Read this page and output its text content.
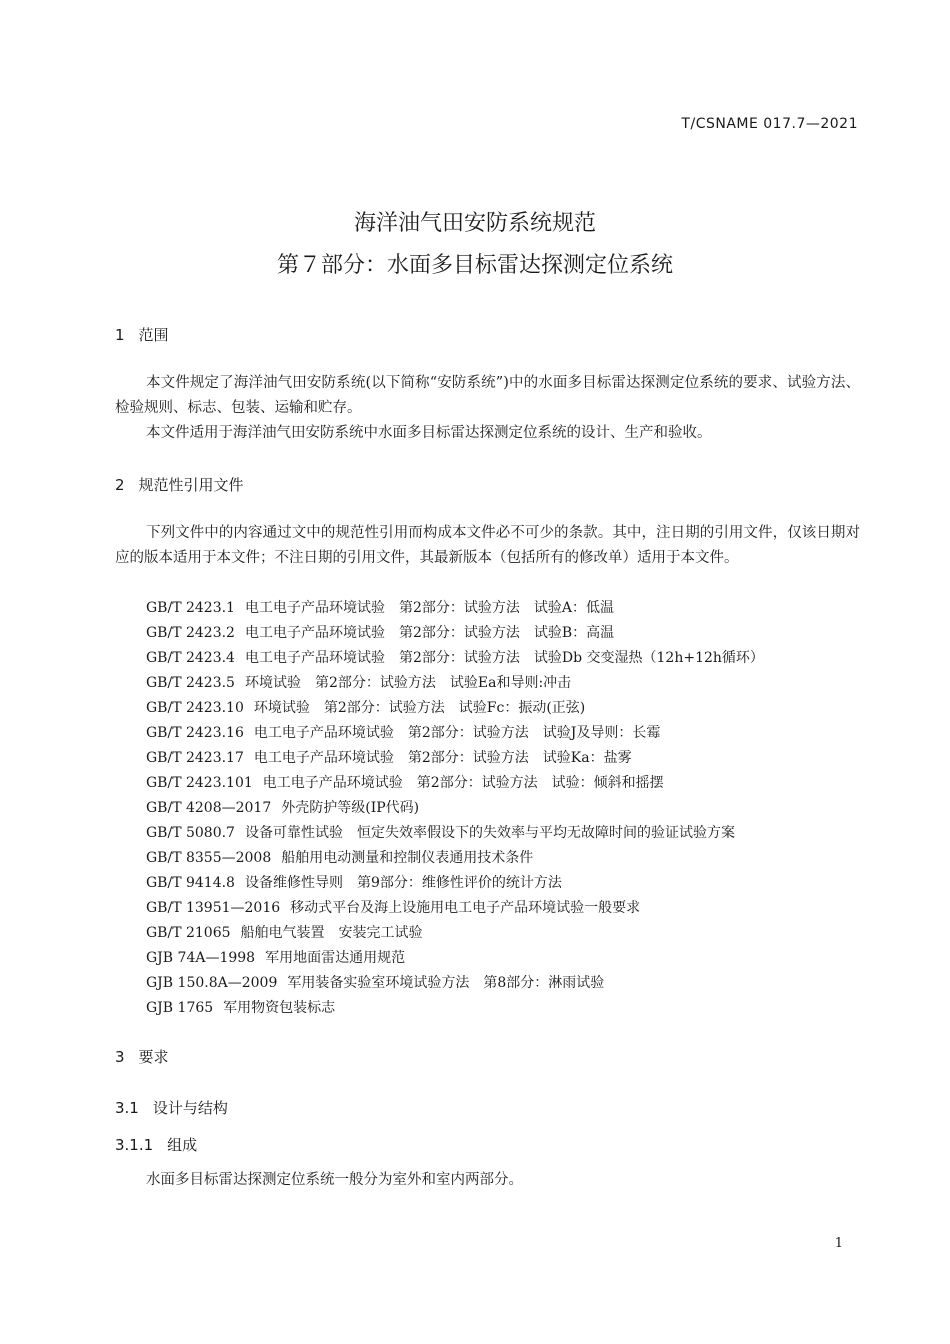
T/CSNAME 017.7—2021
海洋油气田安防系统规范
第７部分：水面多目标雷达探测定位系统
1 范围
本文件规定了海洋油气田安防系统(以下简称“安防系统”)中的水面多目标雷达探测定位系统的要求、试验方法、检验规则、标志、包装、运输和贮存。
本文件适用于海洋油气田安防系统中水面多目标雷达探测定位系统的设计、生产和验收。
2 规范性引用文件
下列文件中的内容通过文中的规范性引用而构成本文件必不可少的条款。其中，注日期的引用文件，仅该日期对应的版本适用于本文件；不注日期的引用文件，其最新版本（包括所有的修改单）适用于本文件。
GB/T 2423.1 电工电子产品环境试验　第2部分：试验方法　试验A：低温
GB/T 2423.2 电工电子产品环境试验　第2部分：试验方法　试验B：高温
GB/T 2423.4 电工电子产品环境试验　第2部分：试验方法　试验Db 交变湿热（12h+12h循环）
GB/T 2423.5 环境试验　第2部分：试验方法　试验Ea和导则:冲击
GB/T 2423.10 环境试验　第2部分：试验方法　试验Fc：振动(正弦)
GB/T 2423.16 电工电子产品环境试验　第2部分：试验方法　试验J及导则：长霉
GB/T 2423.17 电工电子产品环境试验　第2部分：试验方法　试验Ka：盐雾
GB/T 2423.101 电工电子产品环境试验　第2部分：试验方法　试验：倾斜和摇摆
GB/T 4208—2017 外壳防护等级(IP代码)
GB/T 5080.7 设备可靠性试验　恒定失效率假设下的失效率与平均无故障时间的验证试验方案
GB/T 8355—2008 船舶用电动测量和控制仪表通用技术条件
GB/T 9414.8 设备维修性导则　第9部分：维修性评价的统计方法
GB/T 13951—2016 移动式平台及海上设施用电工电子产品环境试验一般要求
GB/T 21065 船舶电气装置　安装完工试验
GJB 74A—1998 军用地面雷达通用规范
GJB 150.8A—2009 军用装备实验室环境试验方法　第8部分：淋雨试验
GJB 1765 军用物资包装标志
3 要求
3.1 设计与结构
3.1.1 组成
水面多目标雷达探测定位系统一般分为室外和室内两部分。
1
